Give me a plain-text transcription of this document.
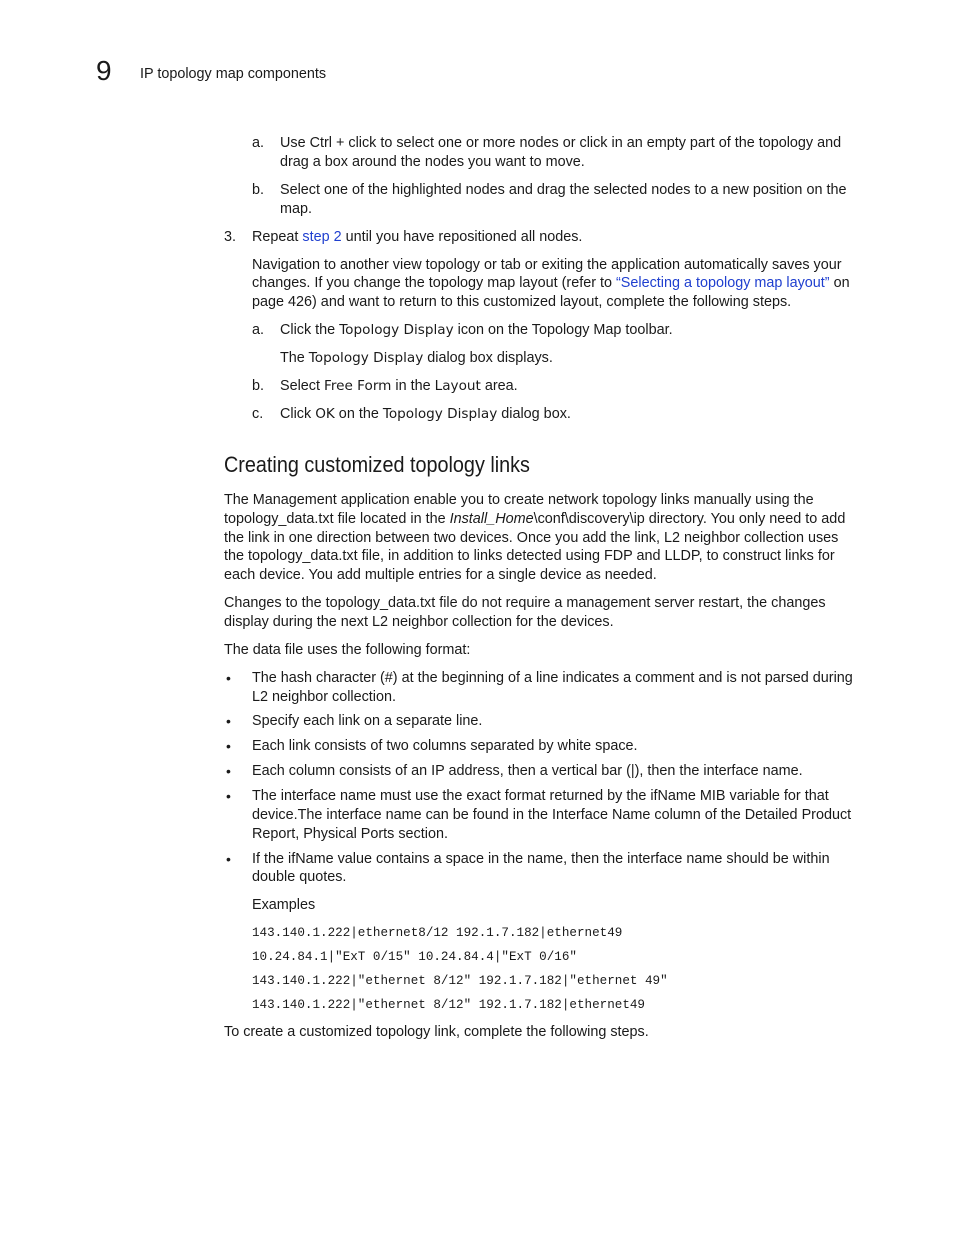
9 IP topology map components
a. Use Ctrl + click to select one or more nodes or click in an empty part of the topology and
drag a box around the nodes you want to move.
b. Select one of the highlighted nodes and drag the selected nodes to a new position on the
map.
3. Repeat step 2 until you have repositioned all nodes.
Navigation to another view topology or tab or exiting the application automatically saves your
changes. If you change the topology map layout (refer to “Selecting a topology map layout” on
page 426) and want to return to this customized layout, complete the following steps.
a. Click the Topology Display icon on the Topology Map toolbar.
The Topology Display dialog box displays.
b. Select Free Form in the Layout area.
c. Click OK on the Topology Display dialog box.
Creating customized topology links
The Management application enable you to create network topology links manually using the
topology_data.txt file located in the Install_Home\conf\discovery\ip directory. You only need to add
the link in one direction between two devices. Once you add the link, L2 neighbor collection uses
the topology_data.txt file, in addition to links detected using FDP and LLDP, to construct links for
each device. You add multiple entries for a single device as needed.
Changes to the topology_data.txt file do not require a management server restart, the changes
display during the next L2 neighbor collection for the devices.
The data file uses the following format:
• The hash character (#) at the beginning of a line indicates a comment and is not parsed during
L2 neighbor collection.
• Specify each link on a separate line.
• Each link consists of two columns separated by white space.
• Each column consists of an IP address, then a vertical bar (|), then the interface name.
• The interface name must use the exact format returned by the ifName MIB variable for that
device.The interface name can be found in the Interface Name column of the Detailed Product
Report, Physical Ports section.
• If the ifName value contains a space in the name, then the interface name should be within
double quotes.
Examples
143.140.1.222|ethernet8/12 192.1.7.182|ethernet49
10.24.84.1|"ExT 0/15" 10.24.84.4|"ExT 0/16"
143.140.1.222|"ethernet 8/12" 192.1.7.182|"ethernet 49"
143.140.1.222|"ethernet 8/12" 192.1.7.182|ethernet49
To create a customized topology link, complete the following steps.
